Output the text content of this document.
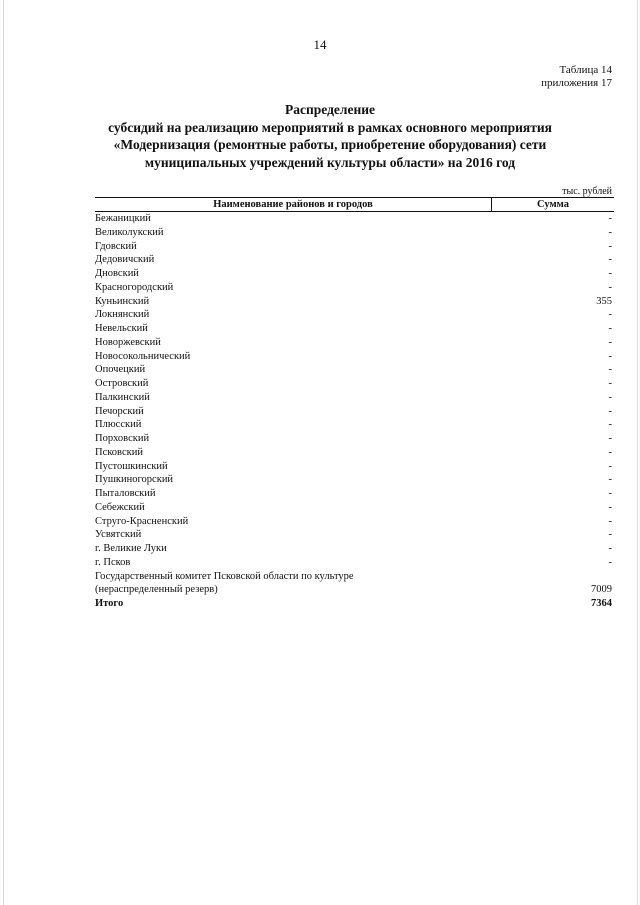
14
Таблица 14
приложения 17
Распределение
субсидий на реализацию мероприятий в рамках основного мероприятия
«Модернизация (ремонтные работы, приобретение оборудования) сети
муниципальных учреждений культуры области» на 2016 год
тыс. рублей
Наименование районов и городов	Сумма
Бежаницкий	-
Великолукский	-
Гдовский	-
Дедовичский	-
Дновский	-
Красногородский	-
Куньинский	355
Локнянский	-
Невельский	-
Новоржевский	-
Новосокольнический	-
Опочецкий	-
Островский	-
Палкинский	-
Печорский	-
Плюсский	-
Порховский	-
Псковский	-
Пустошкинский	-
Пушкиногорский	-
Пыталовский	-
Себежский	-
Струго-Красненский	-
Усвятский	-
г. Великие Луки	-
г. Псков	-
Государственный комитет Псковской области по культуре	
(нераспределенный резерв)	7009
Итого	7364
